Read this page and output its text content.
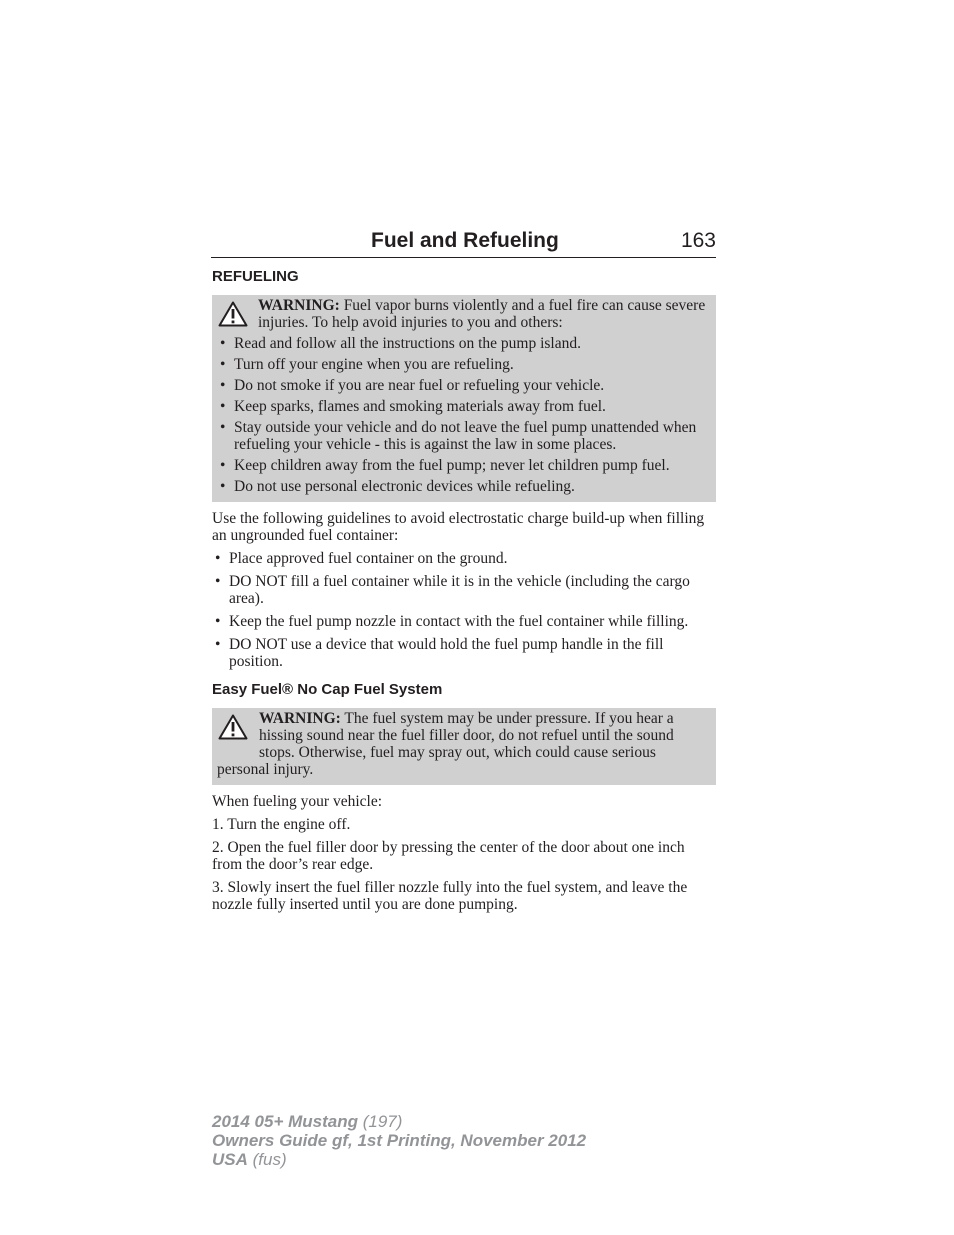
Fuel and Refueling	163
REFUELING
WARNING: Fuel vapor burns violently and a fuel fire can cause severe injuries. To help avoid injuries to you and others:
• Read and follow all the instructions on the pump island.
• Turn off your engine when you are refueling.
• Do not smoke if you are near fuel or refueling your vehicle.
• Keep sparks, flames and smoking materials away from fuel.
• Stay outside your vehicle and do not leave the fuel pump unattended when refueling your vehicle - this is against the law in some places.
• Keep children away from the fuel pump; never let children pump fuel.
• Do not use personal electronic devices while refueling.
Use the following guidelines to avoid electrostatic charge build-up when filling an ungrounded fuel container:
• Place approved fuel container on the ground.
• DO NOT fill a fuel container while it is in the vehicle (including the cargo area).
• Keep the fuel pump nozzle in contact with the fuel container while filling.
• DO NOT use a device that would hold the fuel pump handle in the fill position.
Easy Fuel® No Cap Fuel System
WARNING: The fuel system may be under pressure. If you hear a hissing sound near the fuel filler door, do not refuel until the sound stops. Otherwise, fuel may spray out, which could cause serious personal injury.
When fueling your vehicle:
1. Turn the engine off.
2. Open the fuel filler door by pressing the center of the door about one inch from the door’s rear edge.
3. Slowly insert the fuel filler nozzle fully into the fuel system, and leave the nozzle fully inserted until you are done pumping.
2014 05+ Mustang (197)
Owners Guide gf, 1st Printing, November 2012
USA (fus)
